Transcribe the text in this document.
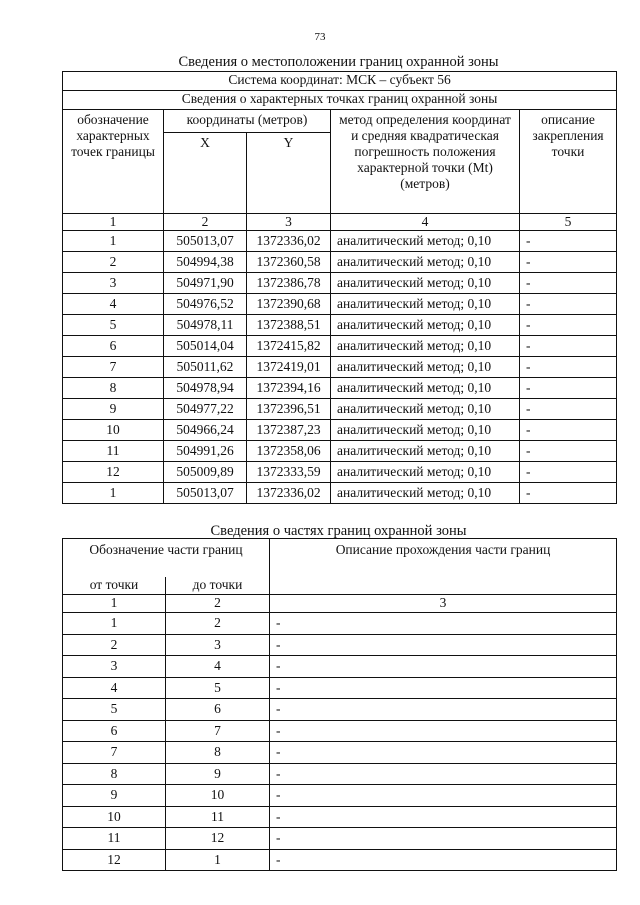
73
Сведения о местоположении границ охранной зоны
Система координат: МСК – субъект 56				
Сведения о характерных точках границ охранной зоны				
обозначение характерных точек границы	координаты (метров)		метод определения координат и средняя квадратическая погрешность положения характерной точки (Mt) (метров)	описание закрепления точки
	X	Y		
1	2	3	4	5
1	505013,07	1372336,02	аналитический метод; 0,10	-
2	504994,38	1372360,58	аналитический метод; 0,10	-
3	504971,90	1372386,78	аналитический метод; 0,10	-
4	504976,52	1372390,68	аналитический метод; 0,10	-
5	504978,11	1372388,51	аналитический метод; 0,10	-
6	505014,04	1372415,82	аналитический метод; 0,10	-
7	505011,62	1372419,01	аналитический метод; 0,10	-
8	504978,94	1372394,16	аналитический метод; 0,10	-
9	504977,22	1372396,51	аналитический метод; 0,10	-
10	504966,24	1372387,23	аналитический метод; 0,10	-
11	504991,26	1372358,06	аналитический метод; 0,10	-
12	505009,89	1372333,59	аналитический метод; 0,10	-
1	505013,07	1372336,02	аналитический метод; 0,10	-
Сведения о частях границ охранной зоны
Обозначение части границ		Описание прохождения части границ
от точки	до точки	
1	2	3
1	2	-
2	3	-
3	4	-
4	5	-
5	6	-
6	7	-
7	8	-
8	9	-
9	10	-
10	11	-
11	12	-
12	1	-
